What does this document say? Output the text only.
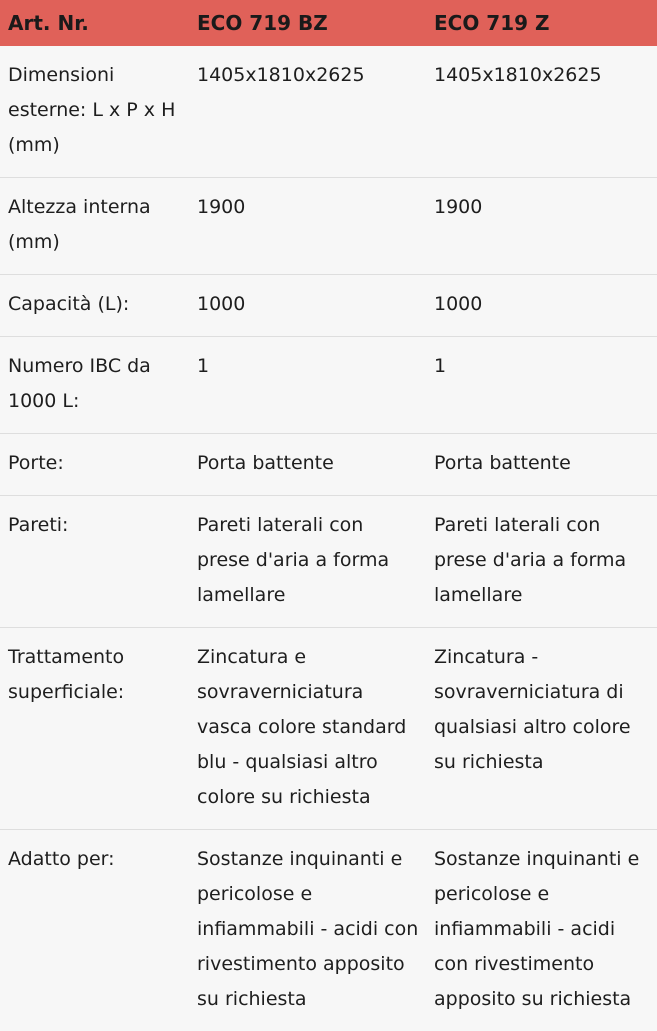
Art. Nr.	ECO 719 BZ	ECO 719 Z
Dimensioni esterne: L x P x H (mm)	1405x1810x2625	1405x1810x2625
Altezza interna (mm)	1900	1900
Capacità (L):	1000	1000
Numero IBC da 1000 L:	1	1
Porte:	Porta battente	Porta battente
Pareti:	Pareti laterali con prese d'aria a forma lamellare	Pareti laterali con prese d'aria a forma lamellare
Trattamento superficiale:	Zincatura e sovraverniciatura vasca colore standard blu - qualsiasi altro colore su richiesta	Zincatura - sovraverniciatura di qualsiasi altro colore su richiesta
Adatto per:	Sostanze inquinanti e pericolose e infiammabili - acidi con rivestimento apposito su richiesta	Sostanze inquinanti e pericolose e infiammabili - acidi con rivestimento apposito su richiesta
